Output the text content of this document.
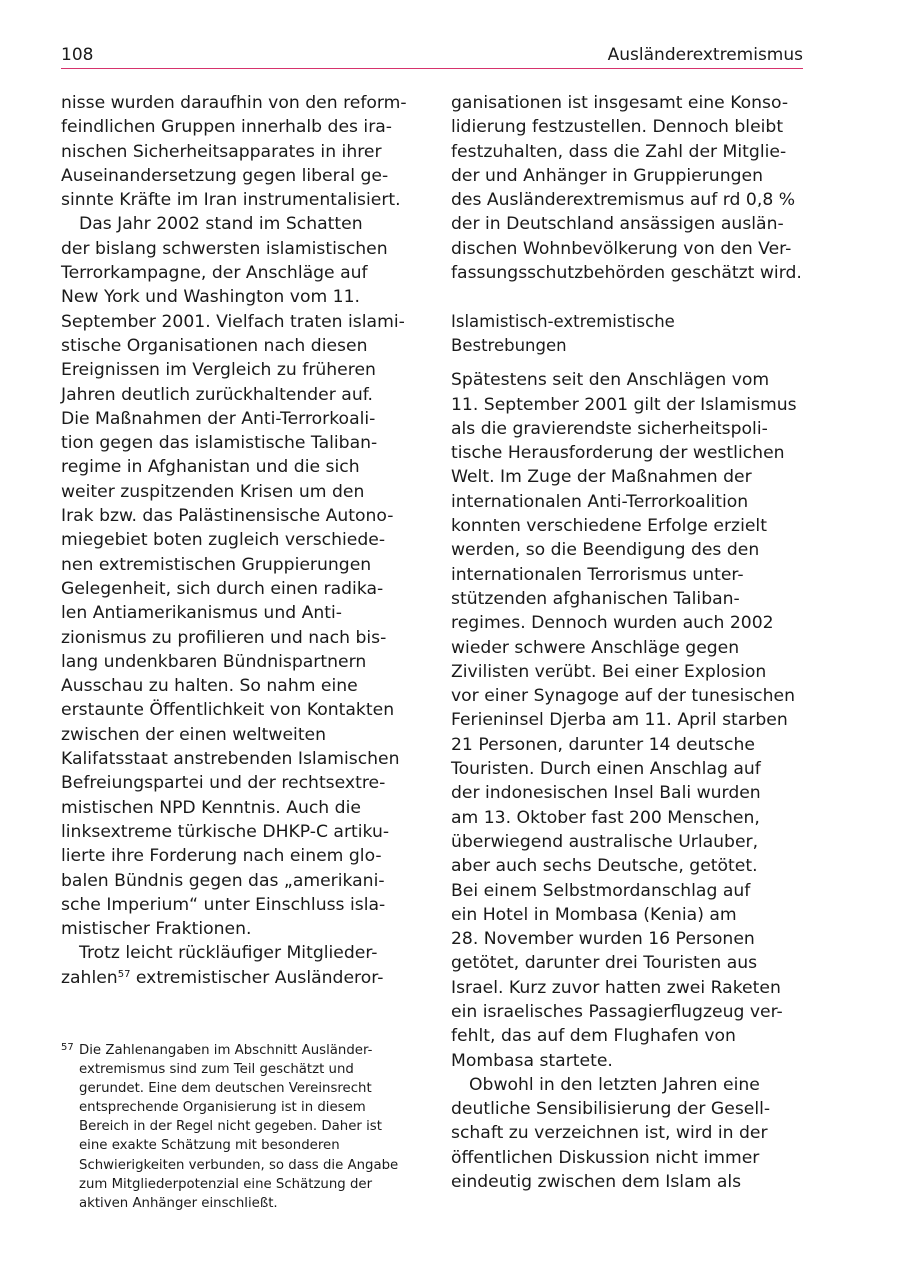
108	Ausländerextremismus
nisse wurden daraufhin von den reform-
feindlichen Gruppen innerhalb des ira-
nischen Sicherheitsapparates in ihrer
Auseinandersetzung gegen liberal ge-
sinnte Kräfte im Iran instrumentalisiert.
Das Jahr 2002 stand im Schatten
der bislang schwersten islamistischen
Terrorkampagne, der Anschläge auf
New York und Washington vom 11.
September 2001. Vielfach traten islami-
stische Organisationen nach diesen
Ereignissen im Vergleich zu früheren
Jahren deutlich zurückhaltender auf.
Die Maßnahmen der Anti-Terrorkoali-
tion gegen das islamistische Taliban-
regime in Afghanistan und die sich
weiter zuspitzenden Krisen um den
Irak bzw. das Palästinensische Autono-
miegebiet boten zugleich verschiede-
nen extremistischen Gruppierungen
Gelegenheit, sich durch einen radika-
len Antiamerikanismus und Anti-
zionismus zu profilieren und nach bis-
lang undenkbaren Bündnispartnern
Ausschau zu halten. So nahm eine
erstaunte Öffentlichkeit von Kontakten
zwischen der einen weltweiten
Kalifatsstaat anstrebenden Islamischen
Befreiungspartei und der rechtsextre-
mistischen NPD Kenntnis. Auch die
linksextreme türkische DHKP-C artiku-
lierte ihre Forderung nach einem glo-
balen Bündnis gegen das „amerikani-
sche Imperium“ unter Einschluss isla-
mistischer Fraktionen.
Trotz leicht rückläufiger Mitglieder-
zahlen$^{57}$ extremistischer Ausländeror-
57 Die Zahlenangaben im Abschnitt Ausländer-
extremismus sind zum Teil geschätzt und
gerundet. Eine dem deutschen Vereinsrecht
entsprechende Organisierung ist in diesem
Bereich in der Regel nicht gegeben. Daher ist
eine exakte Schätzung mit besonderen
Schwierigkeiten verbunden, so dass die Angabe
zum Mitgliederpotenzial eine Schätzung der
aktiven Anhänger einschließt.
ganisationen ist insgesamt eine Konso-
lidierung festzustellen. Dennoch bleibt
festzuhalten, dass die Zahl der Mitglie-
der und Anhänger in Gruppierungen
des Ausländerextremismus auf rd 0,8 %
der in Deutschland ansässigen auslän-
dischen Wohnbevölkerung von den Ver-
fassungsschutzbehörden geschätzt wird.
Islamistisch-extremistische
Bestrebungen
Spätestens seit den Anschlägen vom
11. September 2001 gilt der Islamismus
als die gravierendste sicherheitspoli-
tische Herausforderung der westlichen
Welt. Im Zuge der Maßnahmen der
internationalen Anti-Terrorkoalition
konnten verschiedene Erfolge erzielt
werden, so die Beendigung des den
internationalen Terrorismus unter-
stützenden afghanischen Taliban-
regimes. Dennoch wurden auch 2002
wieder schwere Anschläge gegen
Zivilisten verübt. Bei einer Explosion
vor einer Synagoge auf der tunesischen
Ferieninsel Djerba am 11. April starben
21 Personen, darunter 14 deutsche
Touristen. Durch einen Anschlag auf
der indonesischen Insel Bali wurden
am 13. Oktober fast 200 Menschen,
überwiegend australische Urlauber,
aber auch sechs Deutsche, getötet.
Bei einem Selbstmordanschlag auf
ein Hotel in Mombasa (Kenia) am
28. November wurden 16 Personen
getötet, darunter drei Touristen aus
Israel. Kurz zuvor hatten zwei Raketen
ein israelisches Passagierflugzeug ver-
fehlt, das auf dem Flughafen von
Mombasa startete.
Obwohl in den letzten Jahren eine
deutliche Sensibilisierung der Gesell-
schaft zu verzeichnen ist, wird in der
öffentlichen Diskussion nicht immer
eindeutig zwischen dem Islam als
